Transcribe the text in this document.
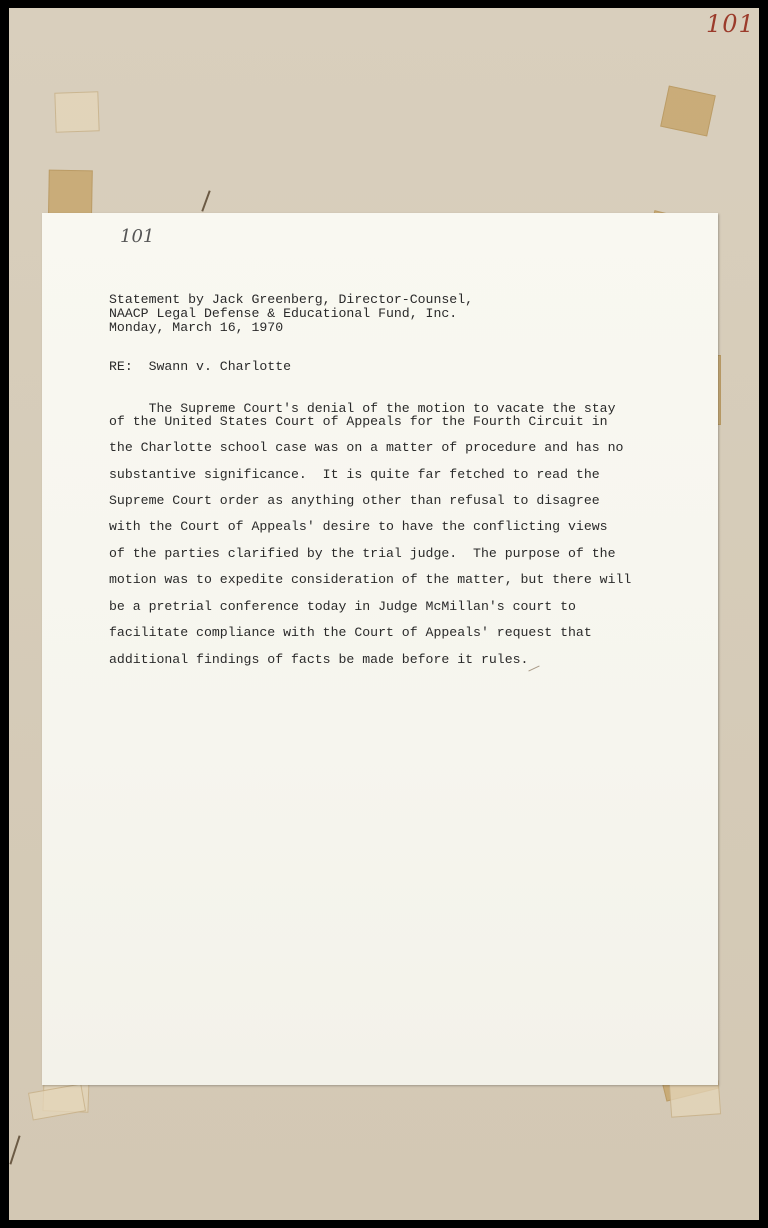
101
101
Statement by Jack Greenberg, Director-Counsel,
NAACP Legal Defense & Educational Fund, Inc.
Monday, March 16, 1970
RE:  Swann v. Charlotte
The Supreme Court's denial of the motion to vacate the stay
of the United States Court of Appeals for the Fourth Circuit in
the Charlotte school case was on a matter of procedure and has no
substantive significance.  It is quite far fetched to read the
Supreme Court order as anything other than refusal to disagree
with the Court of Appeals' desire to have the conflicting views
of the parties clarified by the trial judge.  The purpose of the
motion was to expedite consideration of the matter, but there will
be a pretrial conference today in Judge McMillan's court to
facilitate compliance with the Court of Appeals' request that
additional findings of facts be made before it rules.
